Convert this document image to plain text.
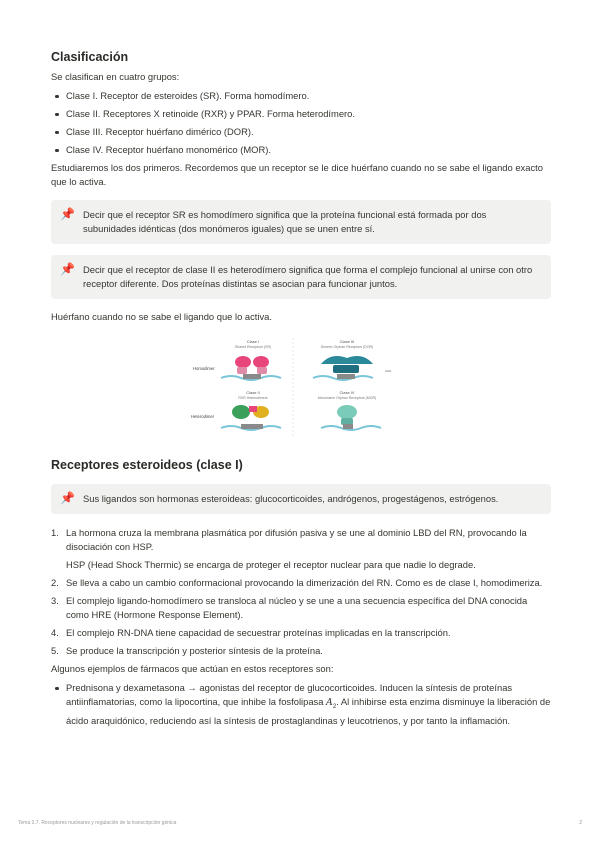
Clasificación

Se clasifican en cuatro grupos:

Clase I. Receptor de esteroides (SR). Forma homodímero.
Clase II. Receptores X retinoide (RXR) y PPAR. Forma heterodímero.
Clase III. Receptor huérfano dimérico (DOR).
Clase IV. Receptor huérfano monomérico (MOR).

Estudiaremos los dos primeros. Recordemos que un receptor se le dice huérfano cuando no se sabe el ligando exacto que lo activa.

📌 Decir que el receptor SR es homodímero significa que la proteína funcional está formada por dos subunidades idénticas (dos monómeros iguales) que se unen entre sí.
📌 Decir que el receptor de clase II es heterodímero significa que forma el complejo funcional al unirse con otro receptor diferente. Dos proteínas distintas se asocian para funcionar juntos.

Huérfano cuando no se sabe el ligando que lo activa.

Clase I
Shared Receptors (SR)
Homodimer
Clase III
Dimeric Orphan Receptors (DOR)
HRE
Clase II
RXR Heterodimers
Heterodimer
Clase IV
Monomeric Orphan Receptors (MOR)
Receptores esteroideos (clase I)
📌 Sus ligandos son hormonas esteroideas: glucocorticoides, andrógenos, progestágenos, estrógenos.
1. La hormona cruza la membrana plasmática por difusión pasiva y se une al dominio LBD del RN, provocando la disociación con HSP.
HSP (Head Shock Thermic) se encarga de proteger el receptor nuclear para que nadie lo degrade.
2. Se lleva a cabo un cambio conformacional provocando la dimerización del RN. Como es de clase I, homodimeriza.
3. El complejo ligando-homodímero se transloca al núcleo y se une a una secuencia específica del DNA conocida como HRE (Hormone Response Element).
4. El complejo RN-DNA tiene capacidad de secuestrar proteínas implicadas en la transcripción.
5. Se produce la transcripción y posterior síntesis de la proteína.

Algunos ejemplos de fármacos que actúan en estos receptores son:

Prednisona y dexametasona → agonistas del receptor de glucocorticoides. Inducen la síntesis de proteínas antiinflamatorias, como la lipocortina, que inhibe la fosfolipasa $A_2$. Al inhibirse esta enzima disminuye la liberación de ácido araquidónico, reduciendo así la síntesis de prostaglandinas y leucotrienos, y por tanto la inflamación.
Tema 2.7. Receptores nucleares y regulación de la transcripción génica	2
